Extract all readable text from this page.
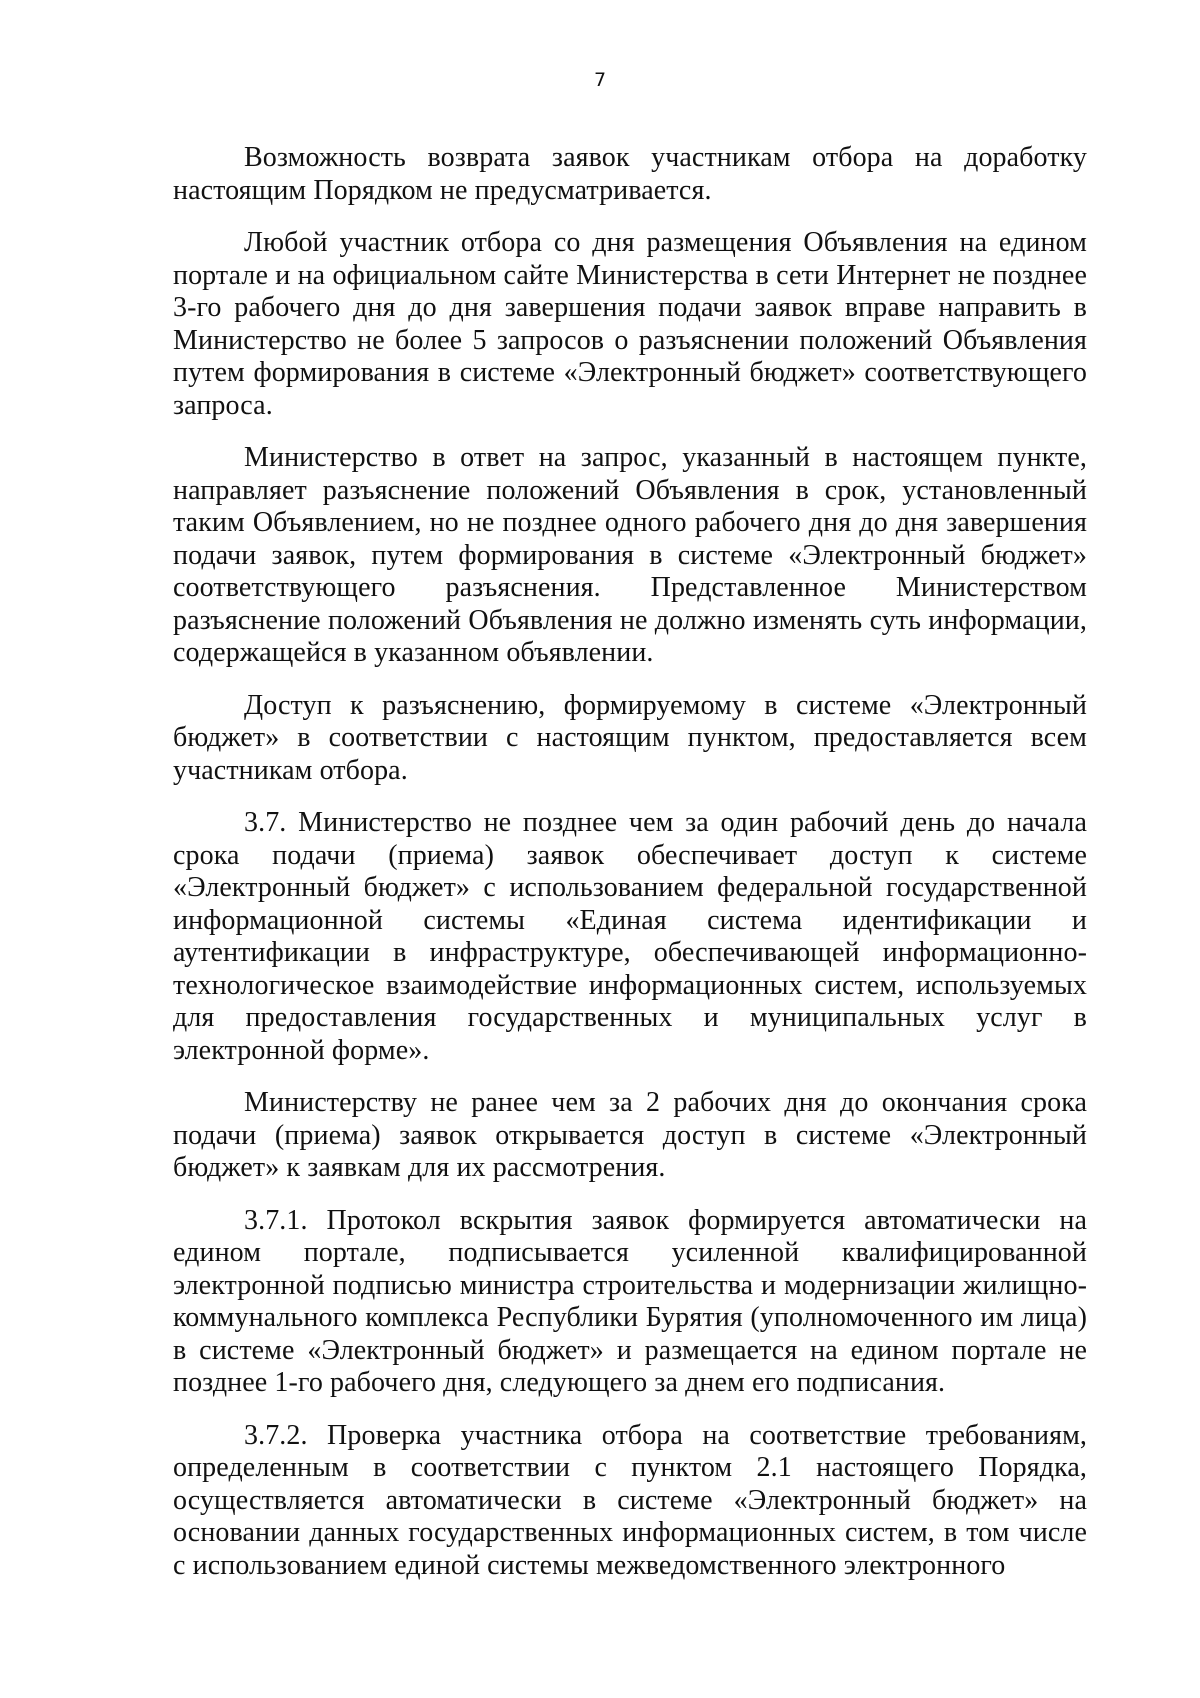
7

Возможность возврата заявок участникам отбора на доработку настоящим Порядком не предусматривается.

Любой участник отбора со дня размещения Объявления на едином портале и на официальном сайте Министерства в сети Интернет не позднее 3-го рабочего дня до дня завершения подачи заявок вправе направить в Министерство не более 5 запросов о разъяснении положений Объявления путем формирования в системе «Электронный бюджет» соответствующего запроса.

Министерство в ответ на запрос, указанный в настоящем пункте, направляет разъяснение положений Объявления в срок, установленный таким Объявлением, но не позднее одного рабочего дня до дня завершения подачи заявок, путем формирования в системе «Электронный бюджет» соответствующего разъяснения. Представленное Министерством разъяснение положений Объявления не должно изменять суть информации, содержащейся в указанном объявлении.

Доступ к разъяснению, формируемому в системе «Электронный бюджет» в соответствии с настоящим пунктом, предоставляется всем участникам отбора.

3.7. Министерство не позднее чем за один рабочий день до начала срока подачи (приема) заявок обеспечивает доступ к системе «Электронный бюджет» с использованием федеральной государственной информационной системы «Единая система идентификации и аутентификации в инфраструктуре, обеспечивающей информационно-технологическое взаимодействие информационных систем, используемых для предоставления государственных и муниципальных услуг в электронной форме».

Министерству не ранее чем за 2 рабочих дня до окончания срока подачи (приема) заявок открывается доступ в системе «Электронный бюджет» к заявкам для их рассмотрения.

3.7.1. Протокол вскрытия заявок формируется автоматически на едином портале, подписывается усиленной квалифицированной электронной подписью министра строительства и модернизации жилищно-коммунального комплекса Республики Бурятия (уполномоченного им лица) в системе «Электронный бюджет» и размещается на едином портале не позднее 1-го рабочего дня, следующего за днем его подписания.

3.7.2. Проверка участника отбора на соответствие требованиям, определенным в соответствии с пунктом 2.1 настоящего Порядка, осуществляется автоматически в системе «Электронный бюджет» на основании данных государственных информационных систем, в том числе с использованием единой системы межведомственного электронного
